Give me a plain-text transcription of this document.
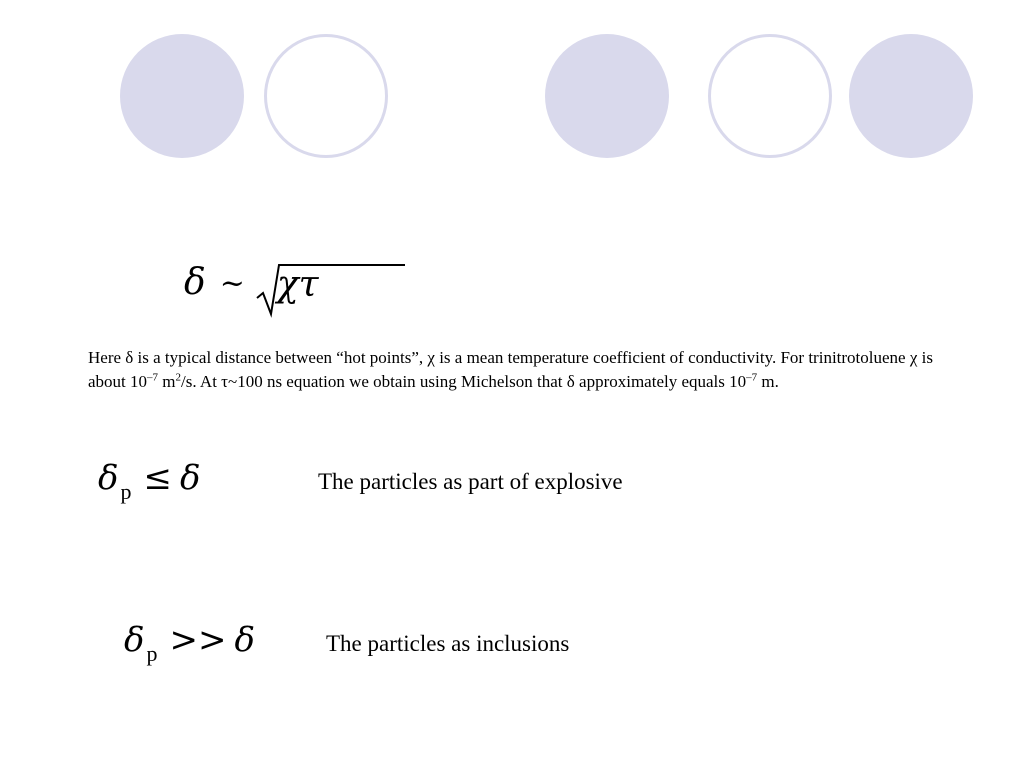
δ ~ χτ
Here δ is a typical distance between “hot points”, χ is a mean temperature coefficient of conductivity. For trinitrotoluene χ is about $10^{-7}$ $m^2/s$. At τ~100 ns equation we obtain using Michelson that δ approximately equals $10^{-7}$ m.
$\delta_p \le \delta$	The particles as part of explosive
$\delta_p >> \delta$	The particles as inclusions
